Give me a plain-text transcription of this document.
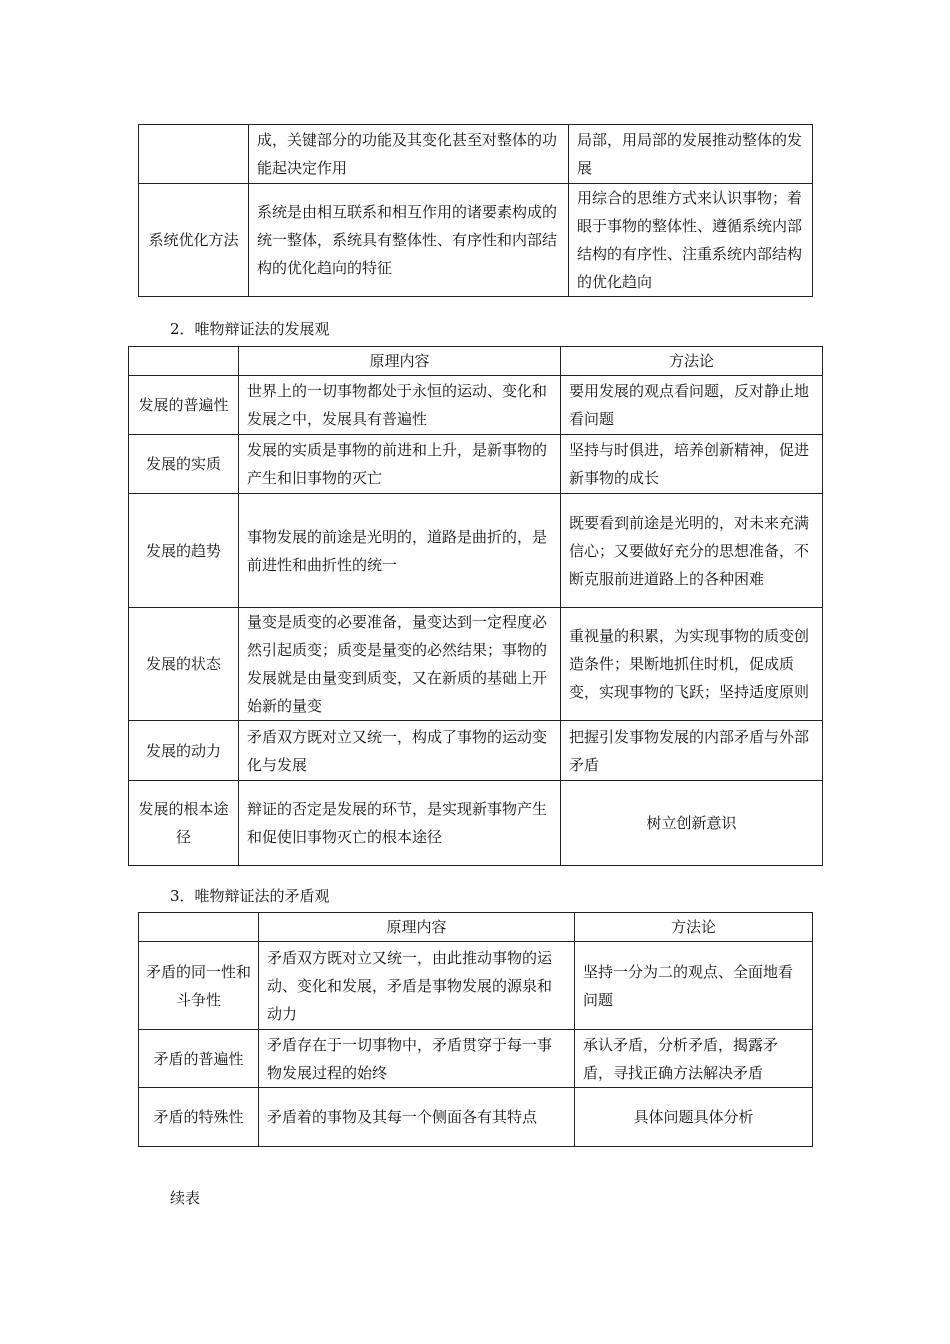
	成，关键部分的功能及其变化甚至对整体的功能起决定作用	局部，用局部的发展推动整体的发展
系统优化方法	系统是由相互联系和相互作用的诸要素构成的统一整体，系统具有整体性、有序性和内部结构的优化趋向的特征	用综合的思维方式来认识事物；着眼于事物的整体性、遵循系统内部结构的有序性、注重系统内部结构的优化趋向
2．唯物辩证法的发展观
	原理内容	方法论
发展的普遍性	世界上的一切事物都处于永恒的运动、变化和发展之中，发展具有普遍性	要用发展的观点看问题，反对静止地看问题
发展的实质	发展的实质是事物的前进和上升，是新事物的产生和旧事物的灭亡	坚持与时俱进，培养创新精神，促进新事物的成长
发展的趋势	事物发展的前途是光明的，道路是曲折的，是前进性和曲折性的统一	既要看到前途是光明的，对未来充满信心；又要做好充分的思想准备，不断克服前进道路上的各种困难
发展的状态	量变是质变的必要准备，量变达到一定程度必然引起质变；质变是量变的必然结果；事物的发展就是由量变到质变，又在新质的基础上开始新的量变	重视量的积累，为实现事物的质变创造条件；果断地抓住时机，促成质变，实现事物的飞跃；坚持适度原则
发展的动力	矛盾双方既对立又统一，构成了事物的运动变化与发展	把握引发事物发展的内部矛盾与外部矛盾
发展的根本途径	辩证的否定是发展的环节，是实现新事物产生和促使旧事物灭亡的根本途径	树立创新意识
3．唯物辩证法的矛盾观
	原理内容	方法论
矛盾的同一性和斗争性	矛盾双方既对立又统一，由此推动事物的运动、变化和发展，矛盾是事物发展的源泉和动力	坚持一分为二的观点、全面地看问题
矛盾的普遍性	矛盾存在于一切事物中，矛盾贯穿于每一事物发展过程的始终	承认矛盾，分析矛盾，揭露矛盾，寻找正确方法解决矛盾
矛盾的特殊性	矛盾着的事物及其每一个侧面各有其特点	具体问题具体分析
续表
